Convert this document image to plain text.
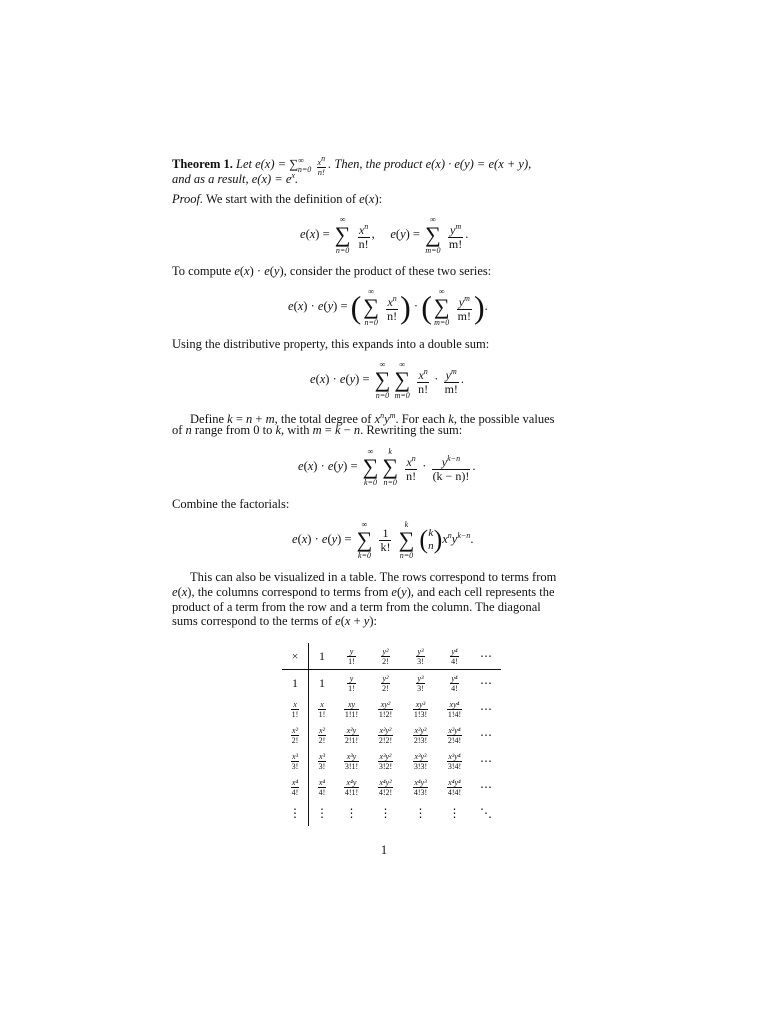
Theorem 1. Let $e(x) = \sum^\infty_{n=0} \frac{x^n}{n!}$ . Then, the product e(x) · e(y) = e(x + y),
and as a result, $e(x) = e^x$.
Proof. We start with the definition of e(x):
e(x) =
∞
∑
n=0
$\frac{x^n}{n!}$ ,     e(y) =
∞
∑
m=0
$\frac{y^m}{m!}$ .
To compute e(x) · e(y), consider the product of these two series:
e(x) · e(y) = ( ∞
∑
n=0
$\frac{x^n}{n!}$ ) · ( ∞
∑
m=0
$\frac{y^m}{m!}$ ).
Using the distributive property, this expands into a double sum:
e(x) · e(y) =
∞
∑
n=0
∞
∑
m=0
$\frac{x^n}{n!} \cdot \frac{y^m}{m!}$ .
Define k = n + m, the total degree of $x^ny^m$. For each k, the possible values
of n range from 0 to k, with m = k − n. Rewriting the sum:
e(x) · e(y) =
∞
∑
k=0
k
∑
n=0
$\frac{x^n}{n!} \cdot \frac{y^{k-n}}{(k - n)!}$ .
Combine the factorials:
e(x) · e(y) =
∞
∑
k=0

$\frac{1}{k!}$

k
∑
n=0
( k
n )$x^ny^{k-n}$.
This can also be visualized in a table. The rows correspond to terms from
e(x), the columns correspond to terms from e(y), and each cell represents the
product of a term from the row and a term from the column. The diagonal
sums correspond to the terms of e(x + y):
×	1	$\frac{y}{1!}$	$\frac{\text{y²}}{2!}$	$\frac{\text{y³}}{3!}$	$\frac{\text{y⁴}}{4!}$	⋯
1	1	$\frac{y}{1!}$	$\frac{\text{y²}}{2!}$	$\frac{\text{y³}}{3!}$	$\frac{\text{y⁴}}{4!}$	⋯

$\frac{x}{1!}$	$\frac{x}{1!}$	$\frac{xy}{1!1!}$	$\frac{\text{xy²}}{1!2!}$	$\frac{\text{xy³}}{1!3!}$	$\frac{\text{xy⁴}}{1!4!}$	⋯

$\frac{\text{x²}}{2!}$	$\frac{\text{x²}}{2!}$	$\frac{\text{x²y}}{2!1!}$	$\frac{\text{x²y²}}{2!2!}$	$\frac{\text{x²y³}}{2!3!}$	$\frac{\text{x²y⁴}}{2!4!}$	⋯

$\frac{\text{x³}}{3!}$	$\frac{\text{x³}}{3!}$	$\frac{\text{x³y}}{3!1!}$	$\frac{\text{x³y²}}{3!2!}$	$\frac{\text{x³y³}}{3!3!}$	$\frac{\text{x³y⁴}}{3!4!}$	⋯

$\frac{\text{x⁴}}{4!}$	$\frac{\text{x⁴}}{4!}$	$\frac{\text{x⁴y}}{4!1!}$	$\frac{\text{x⁴y²}}{4!2!}$	$\frac{\text{x⁴y³}}{4!3!}$	$\frac{\text{x⁴y⁴}}{4!4!}$	⋯
⋮	⋮	⋮	⋮	⋮	⋮	⋱
1
